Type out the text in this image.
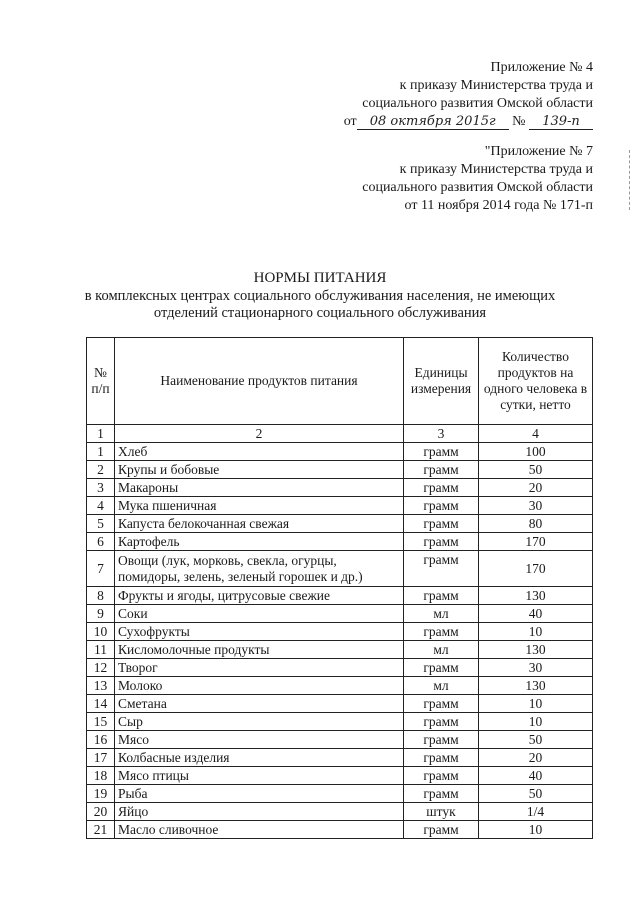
Приложение № 4
к приказу Министерства труда и
социального развития Омской области
от 08 октября 2015г № 139-п
"Приложение № 7
к приказу Министерства труда и
социального развития Омской области
от 11 ноября 2014 года № 171-п
НОРМЫ ПИТАНИЯ
в комплексных центрах социального обслуживания населения, не имеющих
отделений стационарного социального обслуживания
№ п/п	Наименование продуктов питания	Единицы измерения	Количество продуктов на одного человека в сутки, нетто
1	2	3	4
1	Хлеб	грамм	100
2	Крупы и бобовые	грамм	50
3	Макароны	грамм	20
4	Мука пшеничная	грамм	30
5	Капуста белокочанная свежая	грамм	80
6	Картофель	грамм	170
7	Овощи (лук, морковь, свекла, огурцы, помидоры, зелень, зеленый горошек и др.)	грамм	170
8	Фрукты и ягоды, цитрусовые свежие	грамм	130
9	Соки	мл	40
10	Сухофрукты	грамм	10
11	Кисломолочные продукты	мл	130
12	Творог	грамм	30
13	Молоко	мл	130
14	Сметана	грамм	10
15	Сыр	грамм	10
16	Мясо	грамм	50
17	Колбасные изделия	грамм	20
18	Мясо птицы	грамм	40
19	Рыба	грамм	50
20	Яйцо	штук	1/4
21	Масло сливочное	грамм	10
